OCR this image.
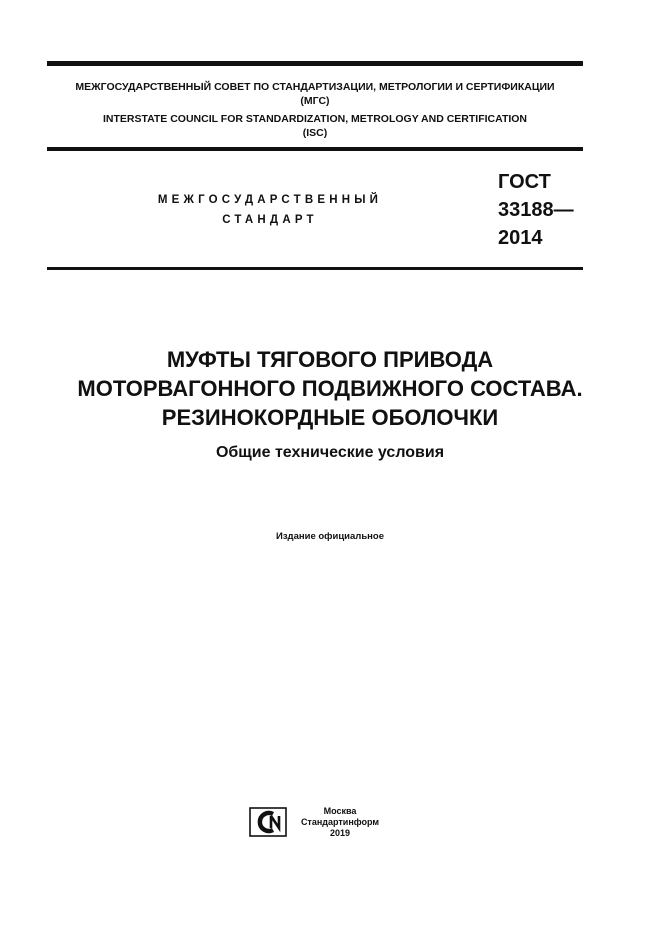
МЕЖГОСУДАРСТВЕННЫЙ СОВЕТ ПО СТАНДАРТИЗАЦИИ, МЕТРОЛОГИИ И СЕРТИФИКАЦИИ
(МГС)
INTERSTATE COUNCIL FOR STANDARDIZATION, METROLOGY AND CERTIFICATION
(ISC)
МЕЖГОСУДАРСТВЕННЫЙ
СТАНДАРТ
ГОСТ
33188—
2014
МУФТЫ ТЯГОВОГО ПРИВОДА
МОТОРВАГОННОГО ПОДВИЖНОГО СОСТАВА.
РЕЗИНОКОРДНЫЕ ОБОЛОЧКИ
Общие технические условия
Издание официальное
Москва
Стандартинформ
2019
